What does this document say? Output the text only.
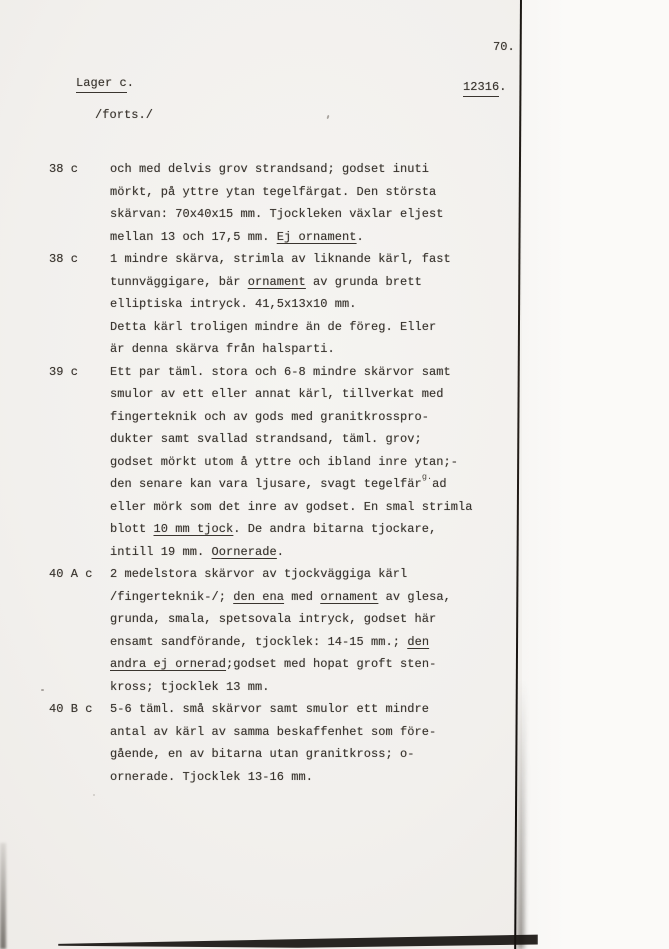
70.

Lager c.
	12316.

/forts./
38 c	och med delvis grov strandsand; godset inuti
mörkt, på yttre ytan tegelfärgat. Den största
skärvan: 70x40x15 mm. Tjockleken växlar eljest
mellan 13 och 17,5 mm. Ej ornament.
38 c	1 mindre skärva, strimla av liknande kärl, fast
tunnväggigare, bär ornament av grunda brett
elliptiska intryck. 41,5x13x10 mm.
Detta kärl troligen mindre än de föreg. Eller
är denna skärva från halsparti.
39 c	Ett par täml. stora och 6-8 mindre skärvor samt
smulor av ett eller annat kärl, tillverkat med
fingerteknik och av gods med granitkrosspro-
dukter samt svallad strandsand, täml. grov;
godset mörkt utom å yttre och ibland inre ytan;-
den senare kan vara ljusare, svagt tegelfärg.ad
eller mörk som det inre av godset. En smal strimla
blott 10 mm tjock. De andra bitarna tjockare,
intill 19 mm. Oornerade.
40 A c 2 medelstora skärvor av tjockväggiga kärl
/fingerteknik-/; den ena med ornament av glesa,
grunda, smala, spetsovala intryck, godset här
ensamt sandförande, tjocklek: 14-15 mm.; den
andra ej ornerad;godset med hopat groft sten-
kross; tjocklek 13 mm.
40 B c 5-6 täml. små skärvor samt smulor ett mindre
antal av kärl av samma beskaffenhet som före-
gående, en av bitarna utan granitkross; o-
ornerade. Tjocklek 13-16 mm.
